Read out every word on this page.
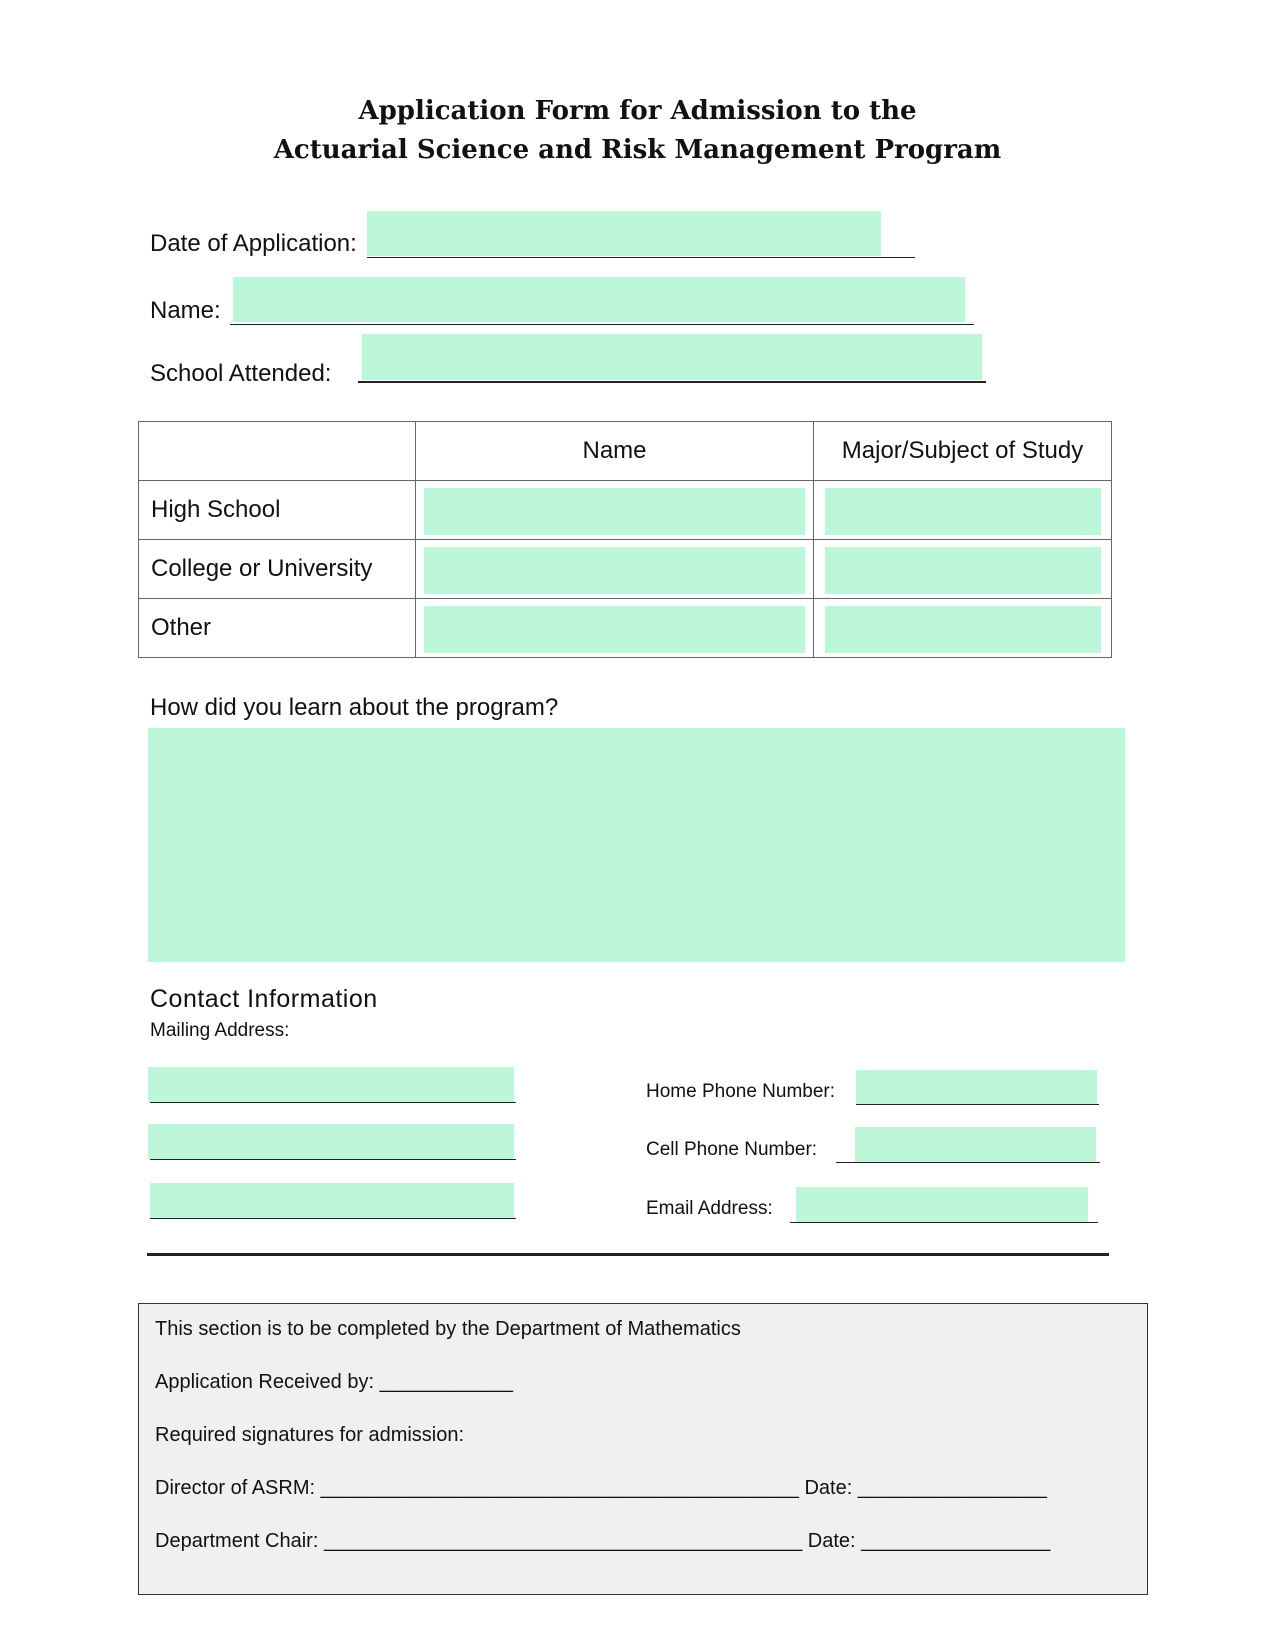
Application Form for Admission to the
Actuarial Science and Risk Management Program
Date of Application:
Name:
School Attended:
	Name	Major/Subject of Study
High School	

College or University	

Other	

How did you learn about the program?
Contact Information
Mailing Address:
Home Phone Number:
Cell Phone Number:
Email Address:
This section is to be completed by the Department of Mathematics
Application Received by: ____________
Required signatures for admission:
Director of ASRM: ___________________________________________ Date: _________________
Department Chair: ___________________________________________ Date: _________________
